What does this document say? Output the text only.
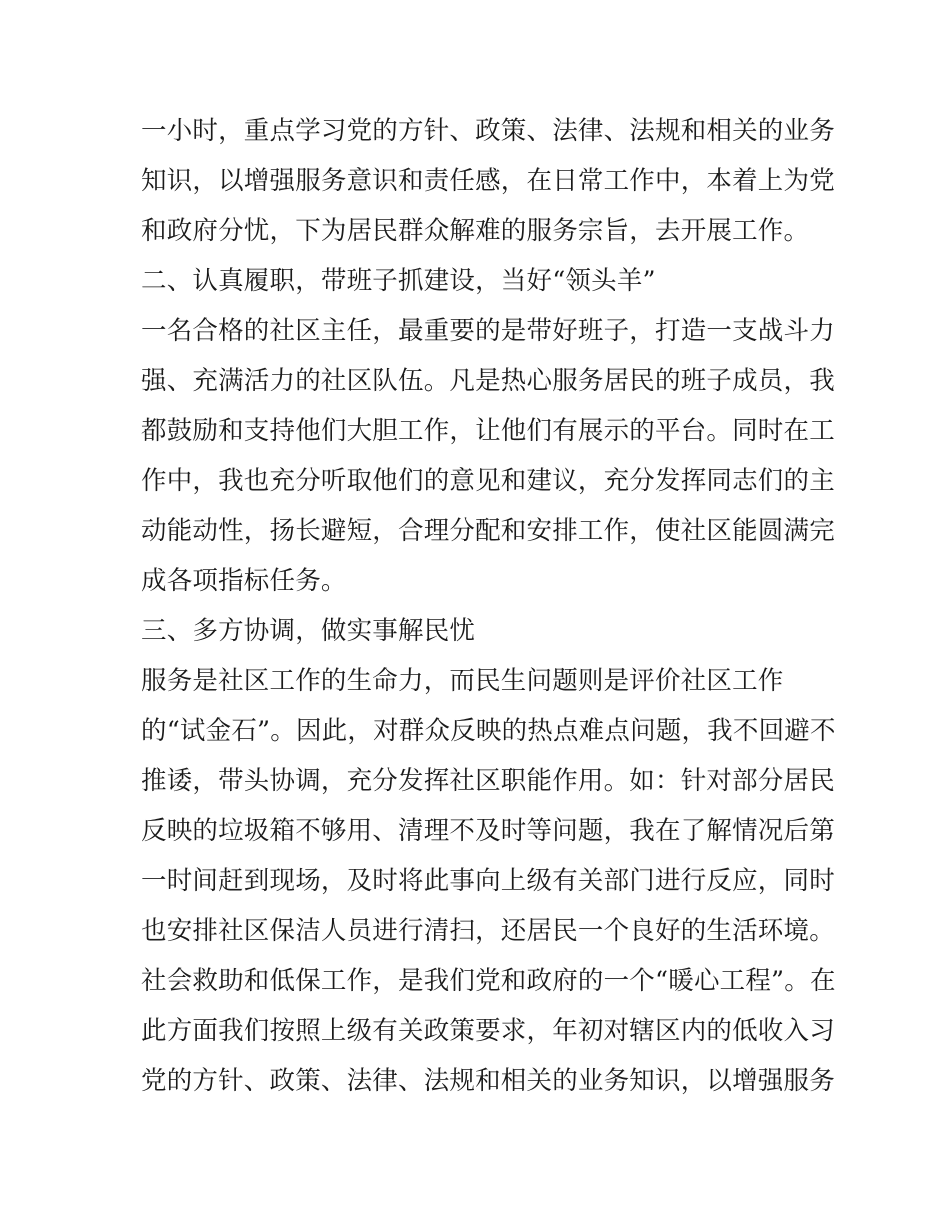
一小时，重点学习党的方针、政策、法律、法规和相关的业务
知识，以增强服务意识和责任感，在日常工作中，本着上为党
和政府分忧，下为居民群众解难的服务宗旨，去开展工作。
二、认真履职，带班子抓建设，当好“领头羊”
一名合格的社区主任，最重要的是带好班子，打造一支战斗力
强、充满活力的社区队伍。凡是热心服务居民的班子成员，我
都鼓励和支持他们大胆工作，让他们有展示的平台。同时在工
作中，我也充分听取他们的意见和建议，充分发挥同志们的主
动能动性，扬长避短，合理分配和安排工作，使社区能圆满完
成各项指标任务。
三、多方协调，做实事解民忧
服务是社区工作的生命力，而民生问题则是评价社区工作
的“试金石”。因此，对群众反映的热点难点问题，我不回避不
推诿，带头协调，充分发挥社区职能作用。如：针对部分居民
反映的垃圾箱不够用、清理不及时等问题，我在了解情况后第
一时间赶到现场，及时将此事向上级有关部门进行反应，同时
也安排社区保洁人员进行清扫，还居民一个良好的生活环境。
社会救助和低保工作，是我们党和政府的一个“暖心工程”。在
此方面我们按照上级有关政策要求，年初对辖区内的低收入习
党的方针、政策、法律、法规和相关的业务知识，以增强服务
